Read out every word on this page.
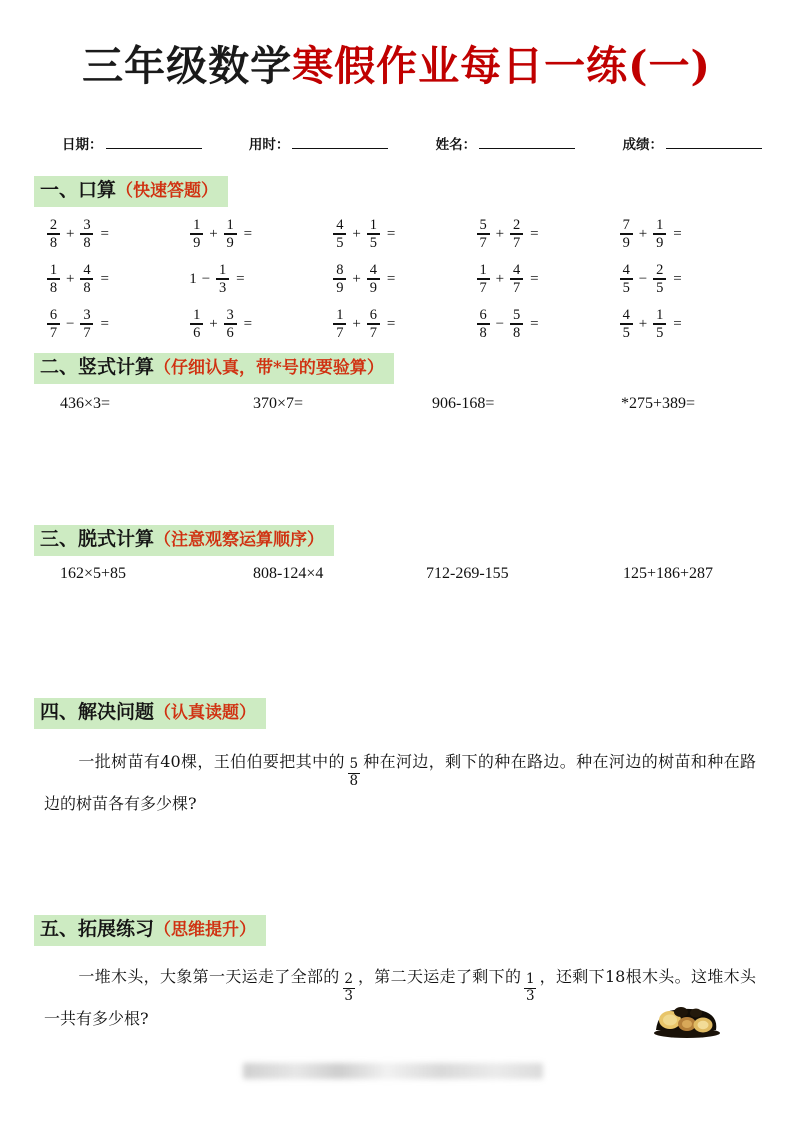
三年级数学寒假作业每日一练(一)
日期：	用时：	姓名：	成绩：
一、口算（快速答题）
$\frac{2}{8} + \frac{3}{8}$ =	$\frac{1}{9} + \frac{1}{9}$ =	$\frac{4}{5} + \frac{1}{5}$ =	$\frac{5}{7} + \frac{2}{7}$ =	$\frac{7}{9} + \frac{1}{9}$ =
$\frac{1}{8} + \frac{4}{8}$ =	$1 - \frac{1}{3}$ =	$\frac{8}{9} + \frac{4}{9}$ =	$\frac{1}{7} + \frac{4}{7}$ =	$\frac{4}{5} - \frac{2}{5}$ =
$\frac{6}{7} - \frac{3}{7}$ =	$\frac{1}{6} + \frac{3}{6}$ =	$\frac{1}{7} + \frac{6}{7}$ =	$\frac{6}{8} - \frac{5}{8}$ =	$\frac{4}{5} + \frac{1}{5}$ =
二、竖式计算（仔细认真，带*号的要验算）
436×3=	370×7=	906-168=	*275+389=
三、脱式计算（注意观察运算顺序）
162×5+85	808-124×4	712-269-155	125+186+287
四、解决问题（认真读题）
一批树苗有40棵，王伯伯要把其中的 $\frac{5}{8}$ 种在河边，剩下的种在路边。种在河边的树苗和种在路边的树苗各有多少棵?
五、拓展练习（思维提升）
一堆木头，大象第一天运走了全部的 $\frac{2}{3}$ ，第二天运走了剩下的 $\frac{1}{3}$ ，还剩下18根木头。这堆木头一共有多少根?
